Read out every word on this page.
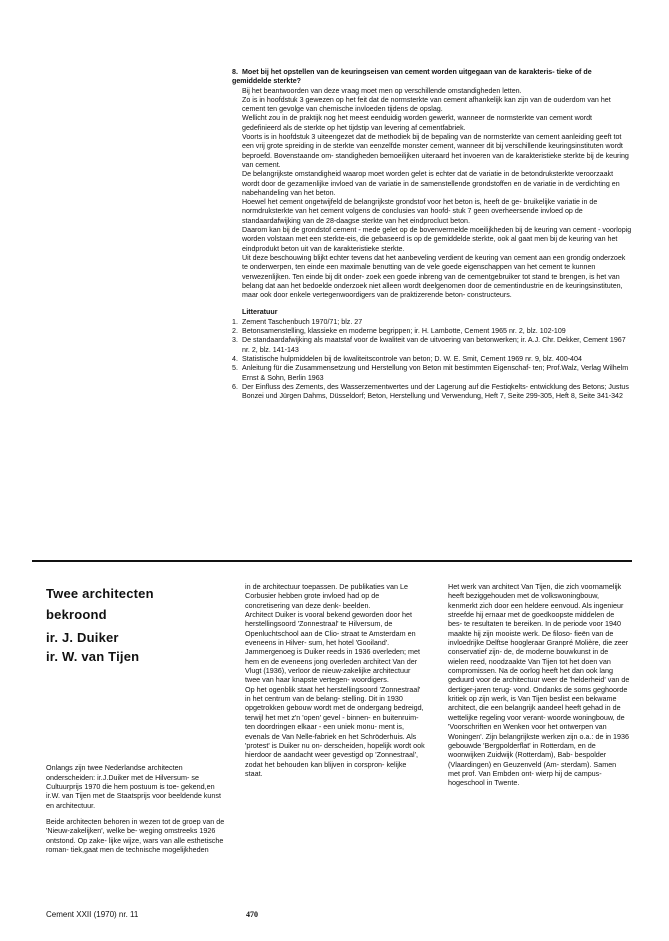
8. Moet bij het opstellen van de keuringseisen van cement worden uitgegaan van de karakteris- tieke of de gemiddelde sterkte?

Bij het beantwoorden van deze vraag moet men op verschillende omstandigheden letten.

Zo is in hoofdstuk 3 gewezen op het feit dat de normsterkte van cement afhankelijk kan zijn van de ouderdom van het cement ten gevolge van chemische invloeden tijdens de opslag.

Wellicht zou in de praktijk nog het meest eenduidig worden gewerkt, wanneer de normsterkte van cement wordt gedefinieerd als de sterkte op het tijdstip van levering af cementfabriek.

Voorts is in hoofdstuk 3 uiteengezet dat de methodiek bij de bepaling van de normsterkte van cement aanleiding geeft tot een vrij grote spreiding in de sterkte van eenzelfde monster cement, wanneer dit bij verschillende keuringsinstituten wordt beproefd. Bovenstaande om- standigheden bemoeilijken uiteraard het invoeren van de karakteristieke sterkte bij de keuring van cement.

De belangrijkste omstandigheid waarop moet worden gelet is echter dat de variatie in de betondruksterkte veroorzaakt wordt door de gezamenlijke invloed van de variatie in de samenstellende grondstoffen en de variatie in de verdichting en nabehandeling van het beton.

Hoewel het cement ongetwijfeld de belangrijkste grondstof voor het beton is, heeft de ge- bruikelijke variatie in de normdruksterkte van het cement volgens de conclusies van hoofd- stuk 7 geen overheersende invloed op de standaardafwijking van de 28-daagse sterkte van het eindprocluct beton.

Daarom kan bij de grondstof cement - mede gelet op de bovenvermelde moeilijkheden bij de keuring van cement - voorlopig worden volstaan met een sterkte-eis, die gebaseerd is op de gemiddelde sterkte, ook al gaat men bij de keuring van het eindprodukt beton uit van de karakteristieke sterkte.

Uit deze beschouwing blijkt echter tevens dat het aanbeveling verdient de keuring van cement aan een grondig onderzoek te onderwerpen, ten einde een maximale benutting van de vele goede eigenschappen van het cement te kunnen verwezenlijken. Ten einde bij dit onder- zoek een goede inbreng van de cementgebruiker tot stand te brengen, is het van belang dat aan het bedoelde onderzoek niet alleen wordt deelgenomen door de cementindustrie en de keuringsinstituten, maar ook door enkele vertegenwoordigers van de praktizerende beton- constructeurs.

Litteratuur
1. Zement Taschenbuch 1970/71; blz. 27
2. Betonsamenstelling, klassieke en moderne begrippen; ir. H. Lambotte, Cement 1965 nr. 2, blz. 102-109
3. De standaardafwijking als maatstaf voor de kwaliteit van de uitvoering van betonwerken; ir. A.J. Chr. Dekker, Cement 1967 nr. 2, blz. 141-143
4. Statistische hulpmiddelen bij de kwaliteitscontrole van beton; D. W. E. Smit, Cement 1969 nr. 9, blz. 400-404
5. Anleitung für die Zusammensetzung und Herstellung von Beton mit bestimmten Eigenschaf- ten; Prof.Walz, Verlag Wilhelm Ernst & Sohn, Berlin 1963
6. Der Einfluss des Zements, des Wasserzementwertes und der Lagerung auf die Festiqkelts- entwicklung des Betons; Justus Bonzei und Jürgen Dahms, Düsseldorf; Beton, Herstellung und Verwendung, Heft 7, Seite 299-305, Heft 8, Seite 341-342
Twee architecten
bekroond
ir. J. Duiker
ir. W. van Tijen

Onlangs zijn twee Nederlandse architecten onderscheiden: ir.J.Duiker met de Hilversum- se Cultuurprijs 1970 die hem postuum is toe- gekend,en ir.W. van Tijen met de Staatsprijs voor beeldende kunst en architectuur.

Beide architecten behoren in wezen tot de groep van de 'Nieuw-zakelijken', welke be- weging omstreeks 1926 ontstond. Op zake- lijke wijze, wars van alle esthetische roman- tiek,gaat men de technische mogelijkheden

in de architectuur toepassen. De publikaties van Le Corbusier hebben grote invloed had op de concretisering van deze denk- beelden.

Architect Duiker is vooral bekend geworden door het herstellingsoord 'Zonnestraal' te Hilversum, de Openluchtschool aan de Clio- straat te Amsterdam en eveneens in Hilver- sum, het hotel 'Gooiland'. Jammergenoeg is Duiker reeds in 1936 overleden; met hem en de eveneens jong overleden architect Van der Vlugt (1936), verloor de nieuw-zakelijke architectuur twee van haar knapste vertegen- woordigers.

Op het ogenblik staat het herstellingsoord 'Zonnestraal' in het centrum van de belang- stelling. Dit in 1930 opgetrokken gebouw wordt met de ondergang bedreigd, terwijl het met z'n 'open' gevel - binnen- en buitenruim- ten doordringen elkaar - een uniek monu- ment is, evenals de Van Nelle-fabriek en het Schröderhuis. Als 'protest' is Duiker nu on- derscheiden, hopelijk wordt ook hierdoor de aandacht weer gevestigd op 'Zonnestraal', zodat het behouden kan blijven in corspron- kelijke staat.

Het werk van architect Van Tijen, die zich voornamelijk heeft beziggehouden met de volkswoningbouw, kenmerkt zich door een heldere eenvoud. Als ingenieur streefde hij ernaar met de goedkoopste middelen de bes- te resultaten te bereiken. In de periode voor 1940 maakte hij zijn mooiste werk. De filoso- fieën van de invloedrijke Delftse hoogleraar Granpré Molière, die zeer conservatief zijn- de, de moderne bouwkunst in de wielen reed, noodzaakte Van Tijen tot het doen van compromissen. Na de oorlog heeft het dan ook lang geduurd voor de architectuur weer de 'helderheid' van de dertiger-jaren terug- vond. Ondanks de soms geghoorde kritiek op zijn werk, is Van Tijen beslist een bekwame architect, die een belangrijk aandeel heeft gehad in de wettelijke regeling voor verant- woorde woningbouw, de 'Voorschriften en Wenken voor het ontwerpen van Woningen'. Zijn belangrijkste werken zijn o.a.: de in 1936 gebouwde 'Bergpolderflat' in Rotterdam, en de woonwijken Zuidwijk (Rotterdam), Bab- bespolder (Vlaardingen) en Geuzenveld (Am- sterdam). Samen met prof. Van Embden ont- wierp hij de campus-hogeschool in Twente.

Cement XXII (1970) nr. 11	470
